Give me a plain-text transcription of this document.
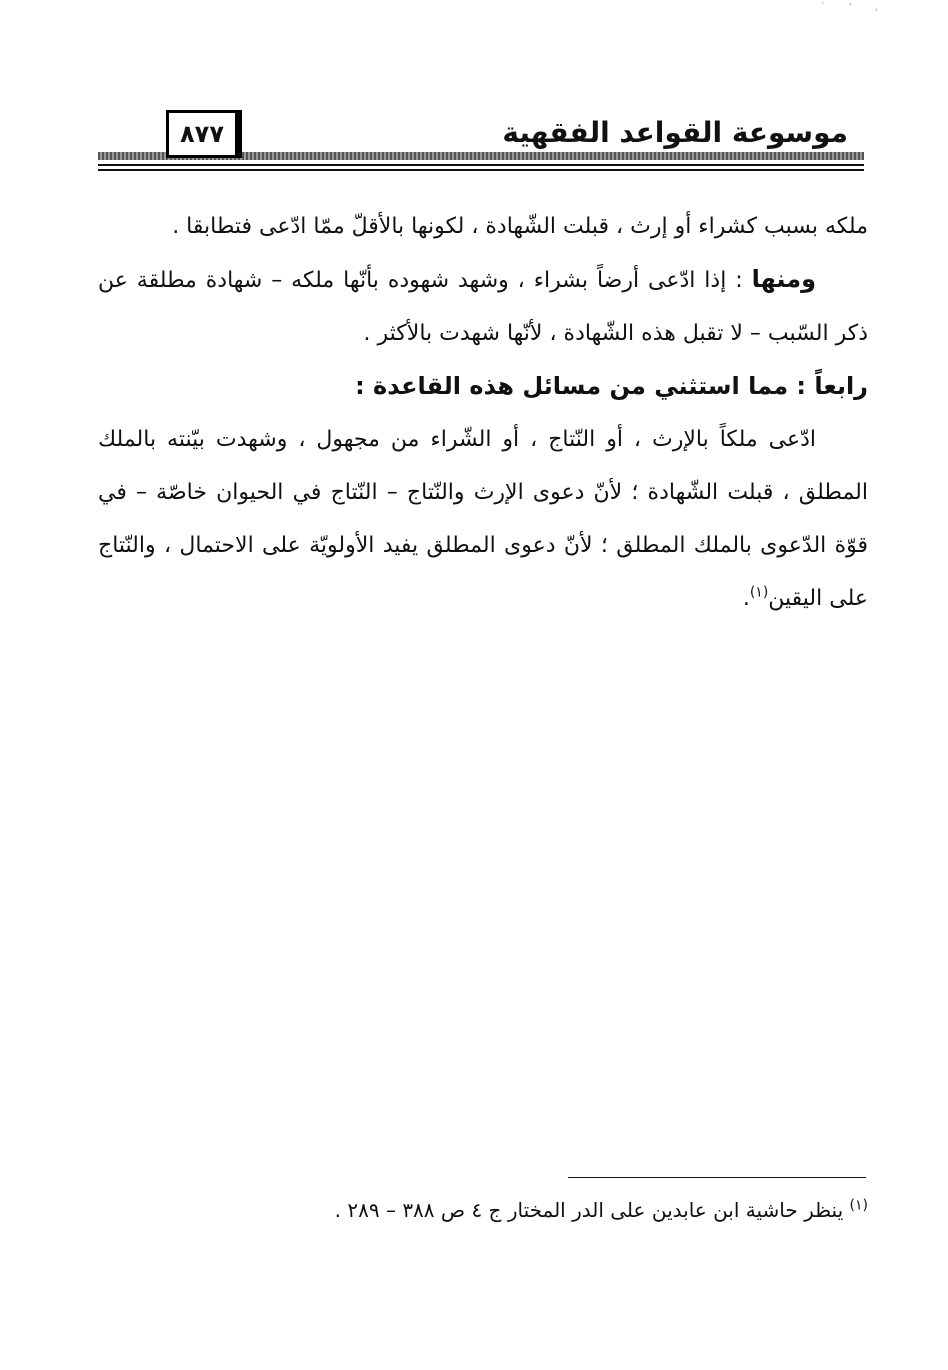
` ' ,
موسوعة القواعد الفقهية
٨٧٧

ملكه بسبب كشراء أو إرث ، قبلت الشّهادة ، لكونها بالأقلّ ممّا ادّعى فتطابقا .

ومنها : إذا ادّعى أرضاً بشراء ، وشهد شهوده بأنّها ملكه – شهادة مطلقة عن ذكر السّبب – لا تقبل هذه الشّهادة ، لأنّها شهدت بالأكثر .

رابعاً : مما استثني من مسائل هذه القاعدة :

ادّعى ملكاً بالإرث ، أو النّتاج ، أو الشّراء من مجهول ، وشهدت بيّنته بالملك المطلق ، قبلت الشّهادة ؛ لأنّ دعوى الإرث والنّتاج – النّتاج في الحيوان خاصّة – في قوّة الدّعوى بالملك المطلق ؛ لأنّ دعوى المطلق يفيد الأولويّة على الاحتمال ، والنّتاج على اليقين$^{(١)}$.

$^{(١)}$ ينظر حاشية ابن عابدين على الدر المختار ج ٤ ص ٣٨٨ – ٢٨٩ .
